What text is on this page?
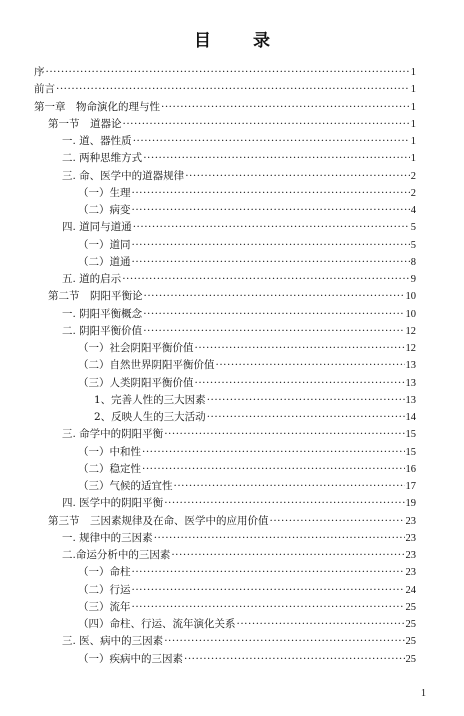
目 录
序 ·····	1
前言 ·····	1
第一章　物命演化的理与性 ·····	1
第一节　道器论 ·····	1
一. 道、器性质 ·····	1
二. 两种思维方式 ·····	1
三. 命、医学中的道器规律 ·····	2
（一）生理 ·····	2
（二）病变 ·····	4
四. 道同与道通 ·····	5
（一）道同 ·····	5
（二）道通 ·····	8
五. 道的启示 ·····	9
第二节　阴阳平衡论 ·····	10
一. 阴阳平衡概念 ·····	10
二. 阴阳平衡价值 ·····	12
（一）社会阴阳平衡价值 ·····	12
（二）自然世界阴阳平衡价值 ·····	13
（三）人类阴阳平衡价值 ·····	13
1、完善人性的三大因素 ·····	13
2、反映人生的三大活动 ·····	14
三. 命学中的阴阳平衡 ·····	15
（一）中和性 ·····	15
（二）稳定性 ·····	16
（三）气候的适宜性 ·····	17
四. 医学中的阴阳平衡 ·····	19
第三节　三因素规律及在命、医学中的应用价值 ·····	23
一. 规律中的三因素 ·····	23
二.命运分析中的三因素 ·····	23
（一）命柱 ·····	23
（二）行运 ·····	24
（三）流年 ·····	25
（四）命柱、行运、流年演化关系 ·····	25
三. 医、病中的三因素 ·····	25
（一）疾病中的三因素 ·····	25
1
